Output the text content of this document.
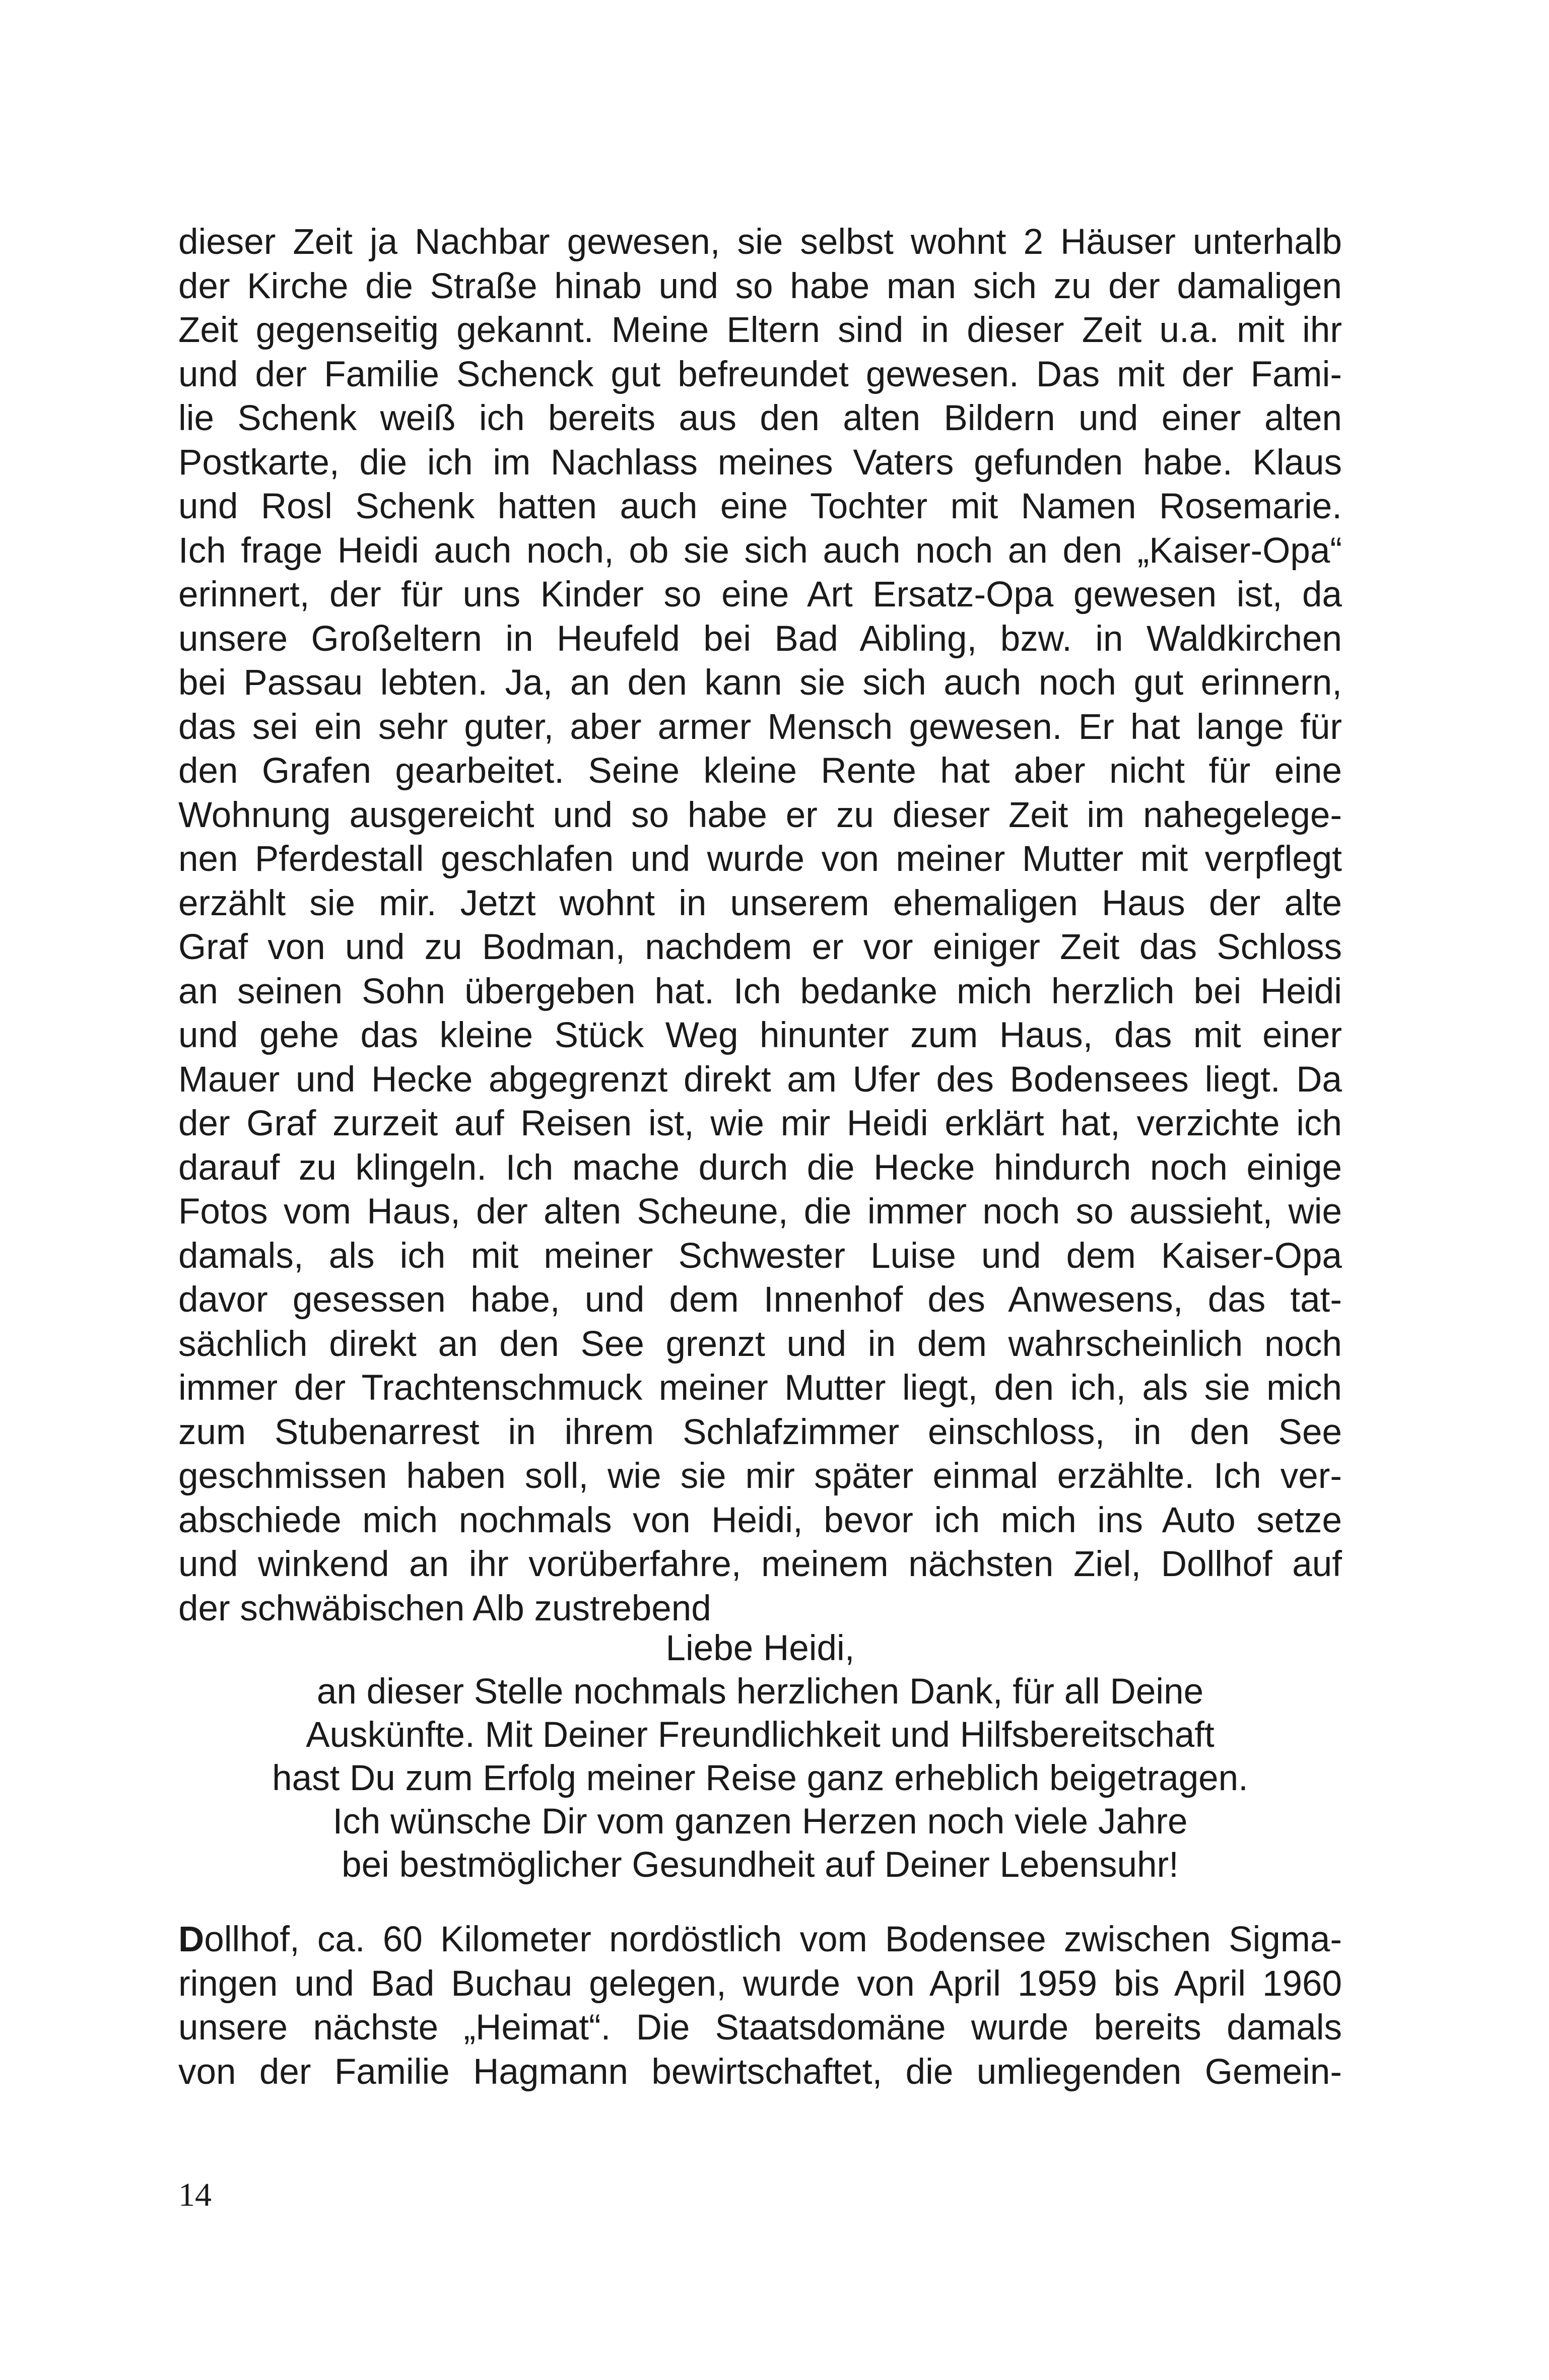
dieser Zeit ja Nachbar gewesen, sie selbst wohnt 2 Häuser unterhalb
der Kirche die Straße hinab und so habe man sich zu der damaligen
Zeit gegenseitig gekannt. Meine Eltern sind in dieser Zeit u.a. mit ihr
und der Familie Schenck gut befreundet gewesen. Das mit der Fami-
lie Schenk weiß ich bereits aus den alten Bildern und einer alten
Postkarte, die ich im Nachlass meines Vaters gefunden habe. Klaus
und Rosl Schenk hatten auch eine Tochter mit Namen Rosemarie.
Ich frage Heidi auch noch, ob sie sich auch noch an den „Kaiser-Opa“
erinnert, der für uns Kinder so eine Art Ersatz-Opa gewesen ist, da
unsere Großeltern in Heufeld bei Bad Aibling, bzw. in Waldkirchen
bei Passau lebten. Ja, an den kann sie sich auch noch gut erinnern,
das sei ein sehr guter, aber armer Mensch gewesen. Er hat lange für
den Grafen gearbeitet. Seine kleine Rente hat aber nicht für eine
Wohnung ausgereicht und so habe er zu dieser Zeit im nahegelege-
nen Pferdestall geschlafen und wurde von meiner Mutter mit verpflegt
erzählt sie mir. Jetzt wohnt in unserem ehemaligen Haus der alte
Graf von und zu Bodman, nachdem er vor einiger Zeit das Schloss
an seinen Sohn übergeben hat. Ich bedanke mich herzlich bei Heidi
und gehe das kleine Stück Weg hinunter zum Haus, das mit einer
Mauer und Hecke abgegrenzt direkt am Ufer des Bodensees liegt. Da
der Graf zurzeit auf Reisen ist, wie mir Heidi erklärt hat, verzichte ich
darauf zu klingeln. Ich mache durch die Hecke hindurch noch einige
Fotos vom Haus, der alten Scheune, die immer noch so aussieht, wie
damals, als ich mit meiner Schwester Luise und dem Kaiser-Opa
davor gesessen habe, und dem Innenhof des Anwesens, das tat-
sächlich direkt an den See grenzt und in dem wahrscheinlich noch
immer der Trachtenschmuck meiner Mutter liegt, den ich, als sie mich
zum Stubenarrest in ihrem Schlafzimmer einschloss, in den See
geschmissen haben soll, wie sie mir später einmal erzählte. Ich ver-
abschiede mich nochmals von Heidi, bevor ich mich ins Auto setze
und winkend an ihr vorüberfahre, meinem nächsten Ziel, Dollhof auf
der schwäbischen Alb zustrebend
Liebe Heidi,
an dieser Stelle nochmals herzlichen Dank, für all Deine
Auskünfte. Mit Deiner Freundlichkeit und Hilfsbereitschaft
hast Du zum Erfolg meiner Reise ganz erheblich beigetragen.
Ich wünsche Dir vom ganzen Herzen noch viele Jahre
bei bestmöglicher Gesundheit auf Deiner Lebensuhr!
Dollhof, ca. 60 Kilometer nordöstlich vom Bodensee zwischen Sigma-
ringen und Bad Buchau gelegen, wurde von April 1959 bis April 1960
unsere nächste „Heimat“. Die Staatsdomäne wurde bereits damals
von der Familie Hagmann bewirtschaftet, die umliegenden Gemein-
14
